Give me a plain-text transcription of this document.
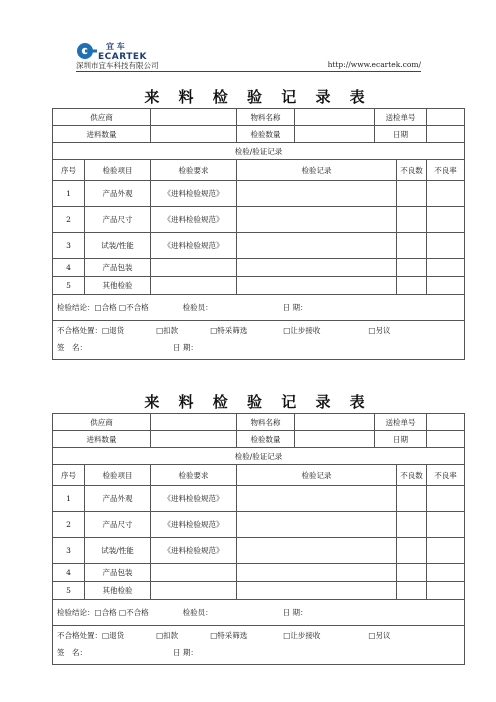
宜 车
ECARTEK
深圳市宜车科技有限公司	http://www.ecartek.com/
来 料 检 验 记 录 表
供应商			物料名称		送检单号		
进料数量			检验数量		日期		
检验/验证记录							
序号	检验项目	检验要求	检验记录			不良数	不良率
1	产品外观	《进料检验规范》					
2	产品尺寸	《进料检验规范》					
3	试装/性能	《进料检验规范》					
4	产品包装						
5	其他检验						
检验结论：□合格 □不合格 检验员： 日 期：							
不合格处置：□退货 □扣款 □特采筛选 □让步接收 □另议							
签　名： 日 期：							
来 料 检 验 记 录 表
供应商			物料名称		送检单号		
进料数量			检验数量		日期		
检验/验证记录							
序号	检验项目	检验要求	检验记录			不良数	不良率
1	产品外观	《进料检验规范》					
2	产品尺寸	《进料检验规范》					
3	试装/性能	《进料检验规范》					
4	产品包装						
5	其他检验						
检验结论：□合格 □不合格 检验员： 日 期：							
不合格处置：□退货 □扣款 □特采筛选 □让步接收 □另议							
签　名： 日 期：							
